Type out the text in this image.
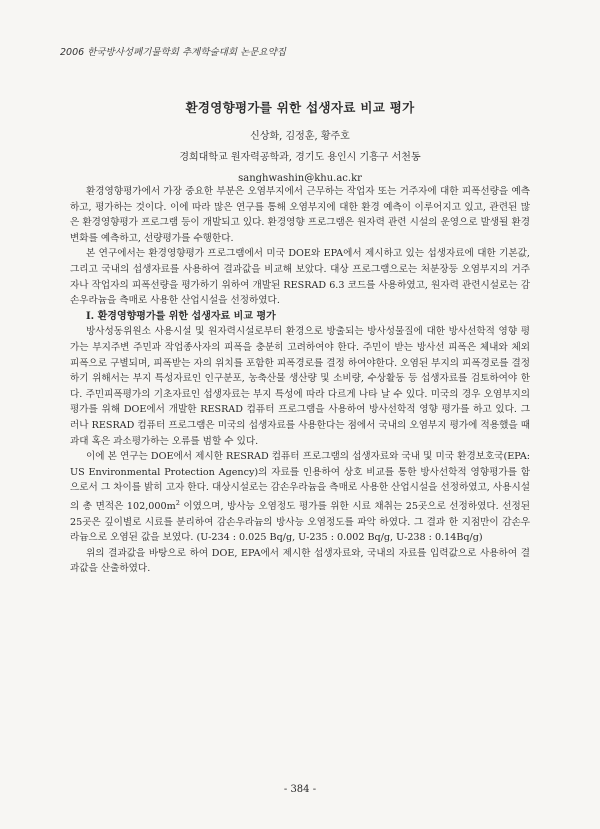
2006 한국방사성폐기물학회 추계학술대회 논문요약집
환경영향평가를 위한 섭생자료 비교 평가
신상화, 김정훈, 황주호
경희대학교 원자력공학과, 경기도 용인시 기흥구 서천동
sanghwashin@khu.ac.kr

환경영향평가에서 가장 중요한 부분은 오염부지에서 근무하는 작업자 또는 거주자에 대한 피폭선량을 예측하고, 평가하는 것이다. 이에 따라 많은 연구를 통해 오염부지에 대한 환경 예측이 이루어지고 있고, 관련된 많은 환경영향평가 프로그램 등이 개발되고 있다. 환경영향 프로그램은 원자력 관련 시설의 운영으로 발생될 환경 변화를 예측하고, 선량평가를 수행한다.

본 연구에서는 환경영향평가 프로그램에서 미국 DOE와 EPA에서 제시하고 있는 섭생자료에 대한 기본값, 그리고 국내의 섭생자료를 사용하여 결과값을 비교해 보았다. 대상 프로그램으로는 처분장등 오염부지의 거주자나 작업자의 피폭선량을 평가하기 위하여 개발된 RESRAD 6.3 코드를 사용하였고, 원자력 관련시설로는 감손우라늄을 측매로 사용한 산업시설을 선정하였다.

I. 환경영향평가를 위한 섭생자료 비교 평가

방사성동위원소 사용시설 및 원자력시설로부터 환경으로 방출되는 방사성물질에 대한 방사선학적 영향 평가는 부지주변 주민과 작업종사자의 피폭을 충분히 고려하여야 한다. 주민이 받는 방사선 피폭은 체내와 체외 피폭으로 구별되며, 피폭받는 자의 위치를 포함한 피폭경로를 결정 하여야한다. 오염된 부지의 피폭경로를 결정하기 위해서는 부지 특성자료인 인구분포, 농축산물 생산량 및 소비량, 수상활동 등 섭생자료를 검토하여야 한다. 주민피폭평가의 기초자료인 섭생자료는 부지 특성에 따라 다르게 나타 날 수 있다. 미국의 경우 오염부지의 평가를 위해 DOE에서 개발한 RESRAD 컴퓨터 프로그램을 사용하여 방사선학적 영향 평가를 하고 있다. 그러나 RESRAD 컴퓨터 프로그램은 미국의 섭생자료를 사용한다는 점에서 국내의 오염부지 평가에 적용했을 때 과대 혹은 과소평가하는 오류를 범할 수 있다.

이에 본 연구는 DOE에서 제시한 RESRAD 컴퓨터 프로그램의 섭생자료와 국내 및 미국 환경보호국(EPA: US Environmental Protection Agency)의 자료를 인용하여 상호 비교를 통한 방사선학적 영향평가를 함으로서 그 차이를 밝히 고자 한다. 대상시설로는 감손우라늄을 측매로 사용한 산업시설을 선정하였고, 사용시설의 총 면적은 $102,000m^2$ 이였으며, 방사능 오염정도 평가를 위한 시료 채취는 25곳으로 선정하였다. 선정된 25곳은 깊이별로 시료를 분리하여 감손우라늄의 방사능 오염정도를 파악 하였다. 그 결과 한 지점만이 감손우라늄으로 오염된 값을 보였다. (U-234 : 0.025 Bq/g, U-235 : 0.002 Bq/g, U-238 : 0.14Bq/g)

위의 결과값을 바탕으로 하여 DOE, EPA에서 제시한 섭생자료와, 국내의 자료를 입력값으로 사용하여 결과값을 산출하였다.

- 384 -
